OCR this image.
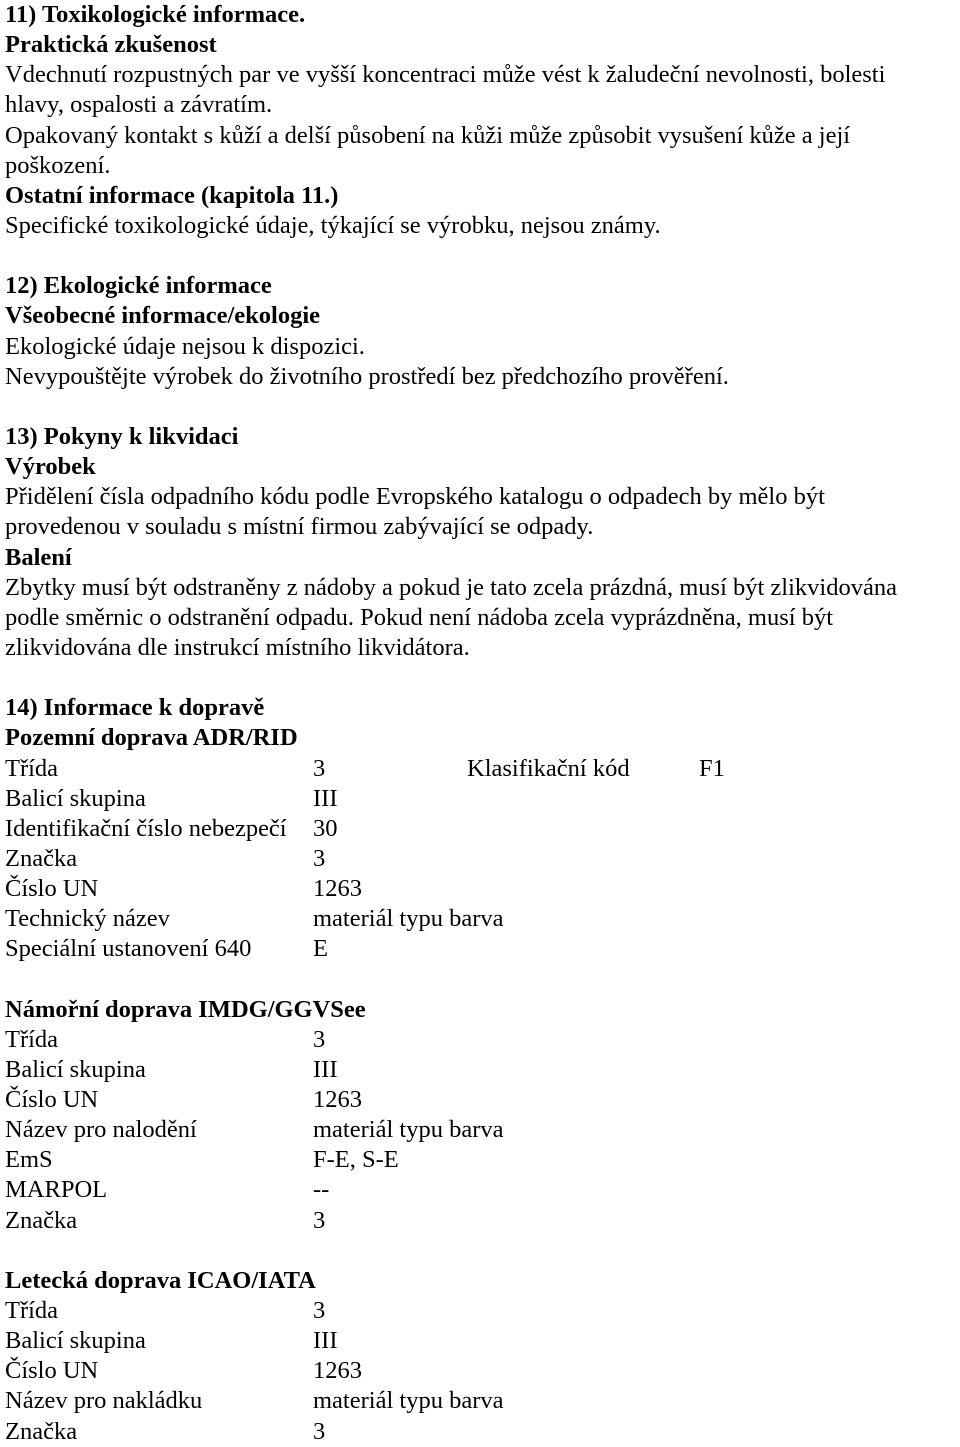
11) Toxikologické informace.
Praktická zkušenost
Vdechnutí rozpustných par ve vyšší koncentraci může vést k žaludeční nevolnosti, bolesti
hlavy, ospalosti a závratím.
Opakovaný kontakt s kůží a delší působení na kůži může způsobit vysušení kůže a její
poškození.
Ostatní informace (kapitola 11.)
Specifické toxikologické údaje, týkající se výrobku, nejsou známy.
12) Ekologické informace
Všeobecné informace/ekologie
Ekologické údaje nejsou k dispozici.
Nevypouštějte výrobek do životního prostředí bez předchozího prověření.
13) Pokyny k likvidaci
Výrobek
Přidělení čísla odpadního kódu podle Evropského katalogu o odpadech by mělo být
provedenou v souladu s místní firmou zabývající se odpady.
Balení
Zbytky musí být odstraněny z nádoby a pokud je tato zcela prázdná, musí být zlikvidována
podle směrnic o odstranění odpadu. Pokud není nádoba zcela vyprázdněna, musí být
zlikvidována dle instrukcí místního likvidátora.
14) Informace k dopravě
Pozemní doprava ADR/RID
Třída	3	Klasifikační kód	F1
Balicí skupina	III
Identifikační číslo nebezpečí 30
Značka	3
Číslo UN	1263
Technický název	materiál typu barva
Speciální ustanovení 640	E
Námořní doprava IMDG/GGVSee
Třída	3
Balicí skupina	III
Číslo UN	1263
Název pro nalodění	materiál typu barva
EmS	F-E, S-E
MARPOL	--
Značka	3
Letecká doprava ICAO/IATA
Třída	3
Balicí skupina	III
Číslo UN	1263
Název pro nakládku	materiál typu barva
Značka	3
